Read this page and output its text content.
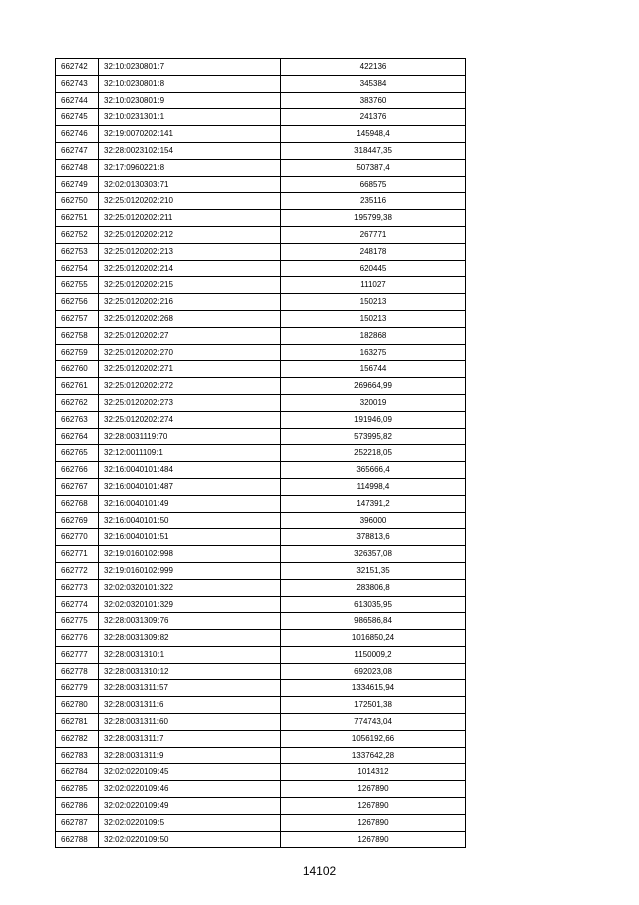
662742	32:10:0230801:7	422136
662743	32:10:0230801:8	345384
662744	32:10:0230801:9	383760
662745	32:10:0231301:1	241376
662746	32:19:0070202:141	145948,4
662747	32:28:0023102:154	318447,35
662748	32:17:0960221:8	507387,4
662749	32:02:0130303:71	668575
662750	32:25:0120202:210	235116
662751	32:25:0120202:211	195799,38
662752	32:25:0120202:212	267771
662753	32:25:0120202:213	248178
662754	32:25:0120202:214	620445
662755	32:25:0120202:215	111027
662756	32:25:0120202:216	150213
662757	32:25:0120202:268	150213
662758	32:25:0120202:27	182868
662759	32:25:0120202:270	163275
662760	32:25:0120202:271	156744
662761	32:25:0120202:272	269664,99
662762	32:25:0120202:273	320019
662763	32:25:0120202:274	191946,09
662764	32:28:0031119:70	573995,82
662765	32:12:0011109:1	252218,05
662766	32:16:0040101:484	365666,4
662767	32:16:0040101:487	114998,4
662768	32:16:0040101:49	147391,2
662769	32:16:0040101:50	396000
662770	32:16:0040101:51	378813,6
662771	32:19:0160102:998	326357,08
662772	32:19:0160102:999	32151,35
662773	32:02:0320101:322	283806,8
662774	32:02:0320101:329	613035,95
662775	32:28:0031309:76	986586,84
662776	32:28:0031309:82	1016850,24
662777	32:28:0031310:1	1150009,2
662778	32:28:0031310:12	692023,08
662779	32:28:0031311:57	1334615,94
662780	32:28:0031311:6	172501,38
662781	32:28:0031311:60	774743,04
662782	32:28:0031311:7	1056192,66
662783	32:28:0031311:9	1337642,28
662784	32:02:0220109:45	1014312
662785	32:02:0220109:46	1267890
662786	32:02:0220109:49	1267890
662787	32:02:0220109:5	1267890
662788	32:02:0220109:50	1267890
14102
